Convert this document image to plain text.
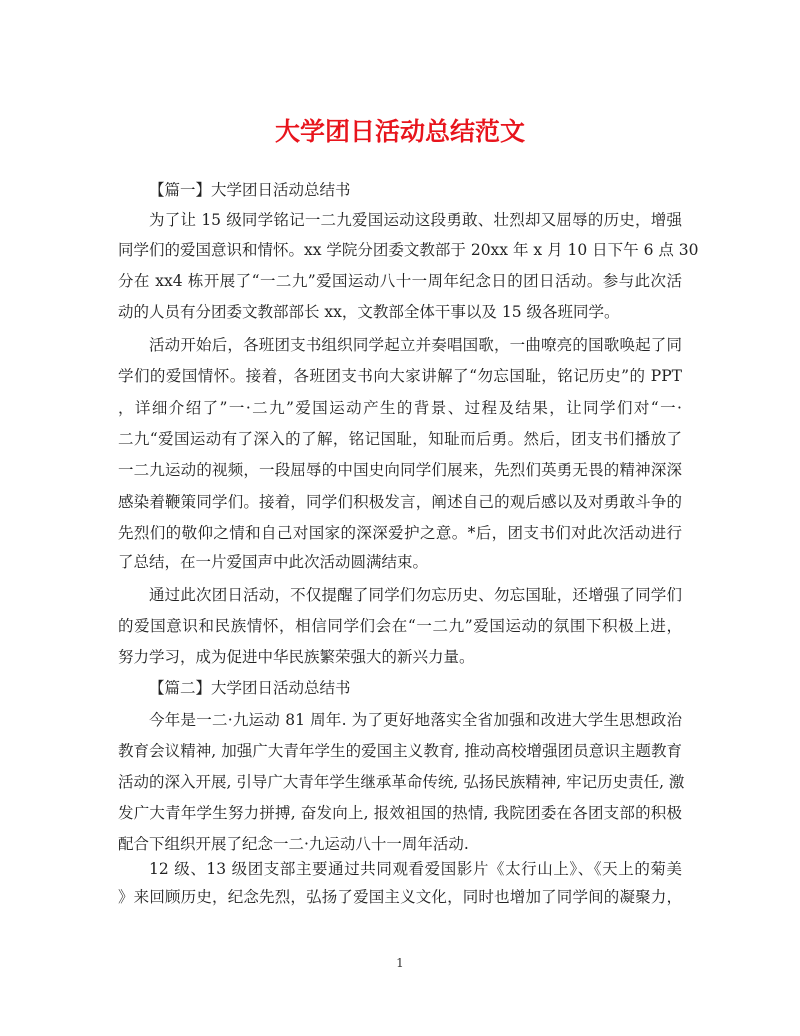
大学团日活动总结范文
【篇一】大学团日活动总结书
为了让 15 级同学铭记一二九爱国运动这段勇敢、壮烈却又屈辱的历史，增强
同学们的爱国意识和情怀。xx 学院分团委文教部于 20xx 年 x 月 10 日下午 6 点 30
分在 xx4 栋开展了“一二九”爱国运动八十一周年纪念日的团日活动。参与此次活
动的人员有分团委文教部部长 xx，文教部全体干事以及 15 级各班同学。
活动开始后，各班团支书组织同学起立并奏唱国歌，一曲嘹亮的国歌唤起了同
学们的爱国情怀。接着，各班团支书向大家讲解了“勿忘国耻，铭记历史”的 PPT
，详细介绍了”一·二九”爱国运动产生的背景、过程及结果，让同学们对“一·
二九“爱国运动有了深入的了解，铭记国耻，知耻而后勇。然后，团支书们播放了
一二九运动的视频，一段屈辱的中国史向同学们展来，先烈们英勇无畏的精神深深
感染着鞭策同学们。接着，同学们积极发言，阐述自己的观后感以及对勇敢斗争的
先烈们的敬仰之情和自己对国家的深深爱护之意。*后，团支书们对此次活动进行
了总结，在一片爱国声中此次活动圆满结束。
通过此次团日活动，不仅提醒了同学们勿忘历史、勿忘国耻，还增强了同学们
的爱国意识和民族情怀，相信同学们会在“一二九”爱国运动的氛围下积极上进，
努力学习，成为促进中华民族繁荣强大的新兴力量。
【篇二】大学团日活动总结书
今年是一二·九运动 81 周年. 为了更好地落实全省加强和改进大学生思想政治
教育会议精神, 加强广大青年学生的爱国主义教育, 推动高校增强团员意识主题教育
活动的深入开展, 引导广大青年学生继承革命传统, 弘扬民族精神, 牢记历史责任, 激
发广大青年学生努力拼搏, 奋发向上, 报效祖国的热情, 我院团委在各团支部的积极
配合下组织开展了纪念一二·九运动八十一周年活动.
12 级、13 级团支部主要通过共同观看爱国影片《太行山上》、《天上的菊美
》来回顾历史，纪念先烈，弘扬了爱国主义文化，同时也增加了同学间的凝聚力，
1
